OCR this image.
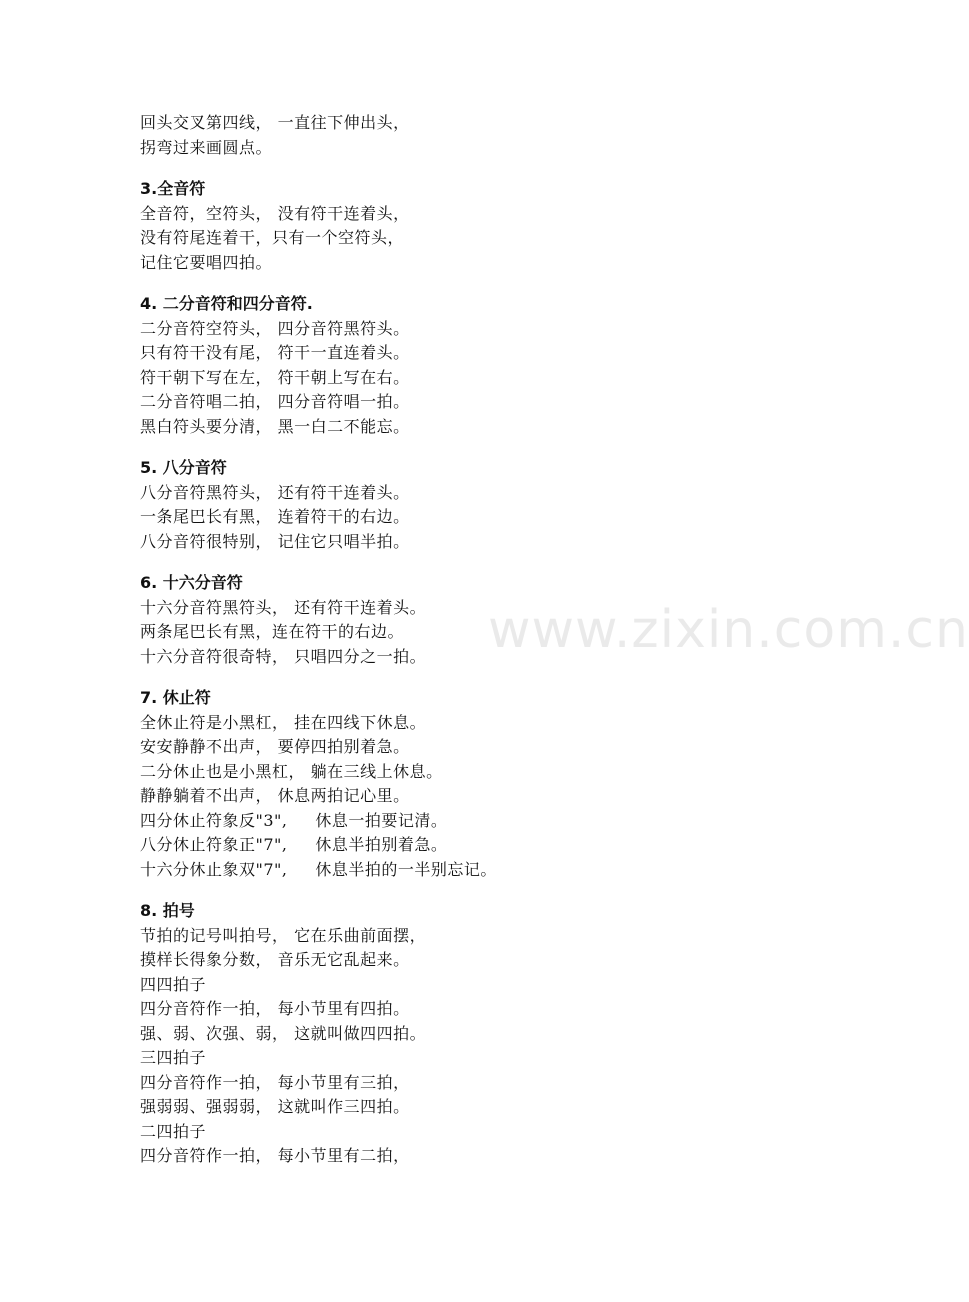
回头交叉第四线， 一直往下伸出头，
拐弯过来画圆点。
3.全音符
全音符，空符头， 没有符干连着头，
没有符尾连着干，只有一个空符头，
记住它要唱四拍。
4. 二分音符和四分音符.
二分音符空符头， 四分音符黑符头。
只有符干没有尾， 符干一直连着头。
符干朝下写在左， 符干朝上写在右。
二分音符唱二拍， 四分音符唱一拍。
黑白符头要分清， 黑一白二不能忘。
5. 八分音符
八分音符黑符头， 还有符干连着头。
一条尾巴长有黑， 连着符干的右边。
八分音符很特别， 记住它只唱半拍。
6. 十六分音符
十六分音符黑符头， 还有符干连着头。
两条尾巴长有黑，连在符干的右边。
十六分音符很奇特， 只唱四分之一拍。
7. 休止符
全休止符是小黑杠， 挂在四线下休息。
安安静静不出声， 要停四拍别着急。
二分休止也是小黑杠， 躺在三线上休息。
静静躺着不出声， 休息两拍记心里。
四分休止符象反"3",     休息一拍要记清。
八分休止符象正"7",     休息半拍别着急。
十六分休止象双"7",     休息半拍的一半别忘记。
8. 拍号
节拍的记号叫拍号， 它在乐曲前面摆，
摸样长得象分数， 音乐无它乱起来。
四四拍子
四分音符作一拍， 每小节里有四拍。
强、弱、次强、弱， 这就叫做四四拍。
三四拍子
四分音符作一拍， 每小节里有三拍，
强弱弱、强弱弱， 这就叫作三四拍。
二四拍子
四分音符作一拍， 每小节里有二拍，
www.zixin.com.cn
